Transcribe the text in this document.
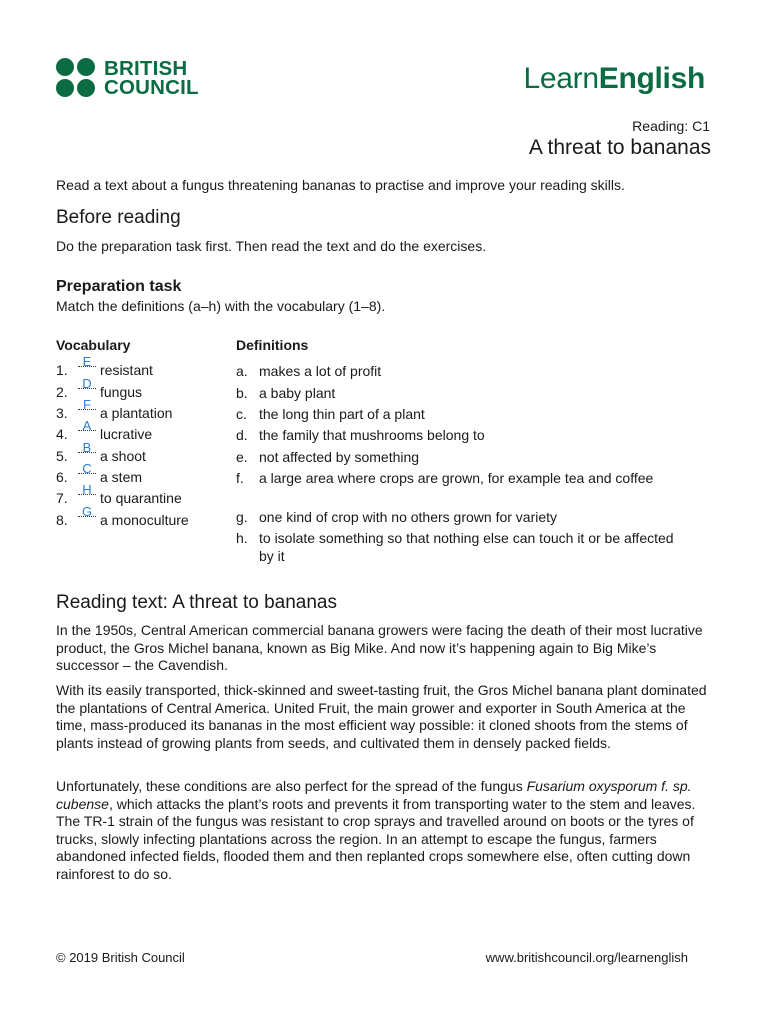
BRITISH
COUNCIL	LearnEnglish
Reading: C1
A threat to bananas
Read a text about a fungus threatening bananas to practise and improve your reading skills.
Before reading
Do the preparation task first. Then read the text and do the exercises.
Preparation task
Match the definitions (a–h) with the vocabulary (1–8).
Vocabulary	Definitions
1.
E
resistant
2.
D
fungus
3.
F
a plantation
4.
A
lucrative
5.
B
a shoot
6.
C
a stem
7.
H
to quarantine
8.
G
a monoculture
a. makes a lot of profit
b. a baby plant
c. the long thin part of a plant
d. the family that mushrooms belong to
e. not affected by something
f.	a large area where crops are grown, for example tea and coffee
g. one kind of crop with no others grown for variety
h. to isolate something so that nothing else can touch it or be affected by it
Reading text: A threat to bananas
In the 1950s, Central American commercial banana growers were facing the death of their most lucrative product, the Gros Michel banana, known as Big Mike. And now it’s happening again to Big Mike’s successor – the Cavendish.
With its easily transported, thick-skinned and sweet-tasting fruit, the Gros Michel banana plant dominated the plantations of Central America. United Fruit, the main grower and exporter in South America at the time, mass-produced its bananas in the most efficient way possible: it cloned shoots from the stems of plants instead of growing plants from seeds, and cultivated them in densely packed fields.
Unfortunately, these conditions are also perfect for the spread of the fungus Fusarium oxysporum f. sp. cubense, which attacks the plant’s roots and prevents it from transporting water to the stem and leaves. The TR-1 strain of the fungus was resistant to crop sprays and travelled around on boots or the tyres of trucks, slowly infecting plantations across the region. In an attempt to escape the fungus, farmers abandoned infected fields, flooded them and then replanted crops somewhere else, often cutting down rainforest to do so.
© 2019 British Council	www.britishcouncil.org/learnenglish
